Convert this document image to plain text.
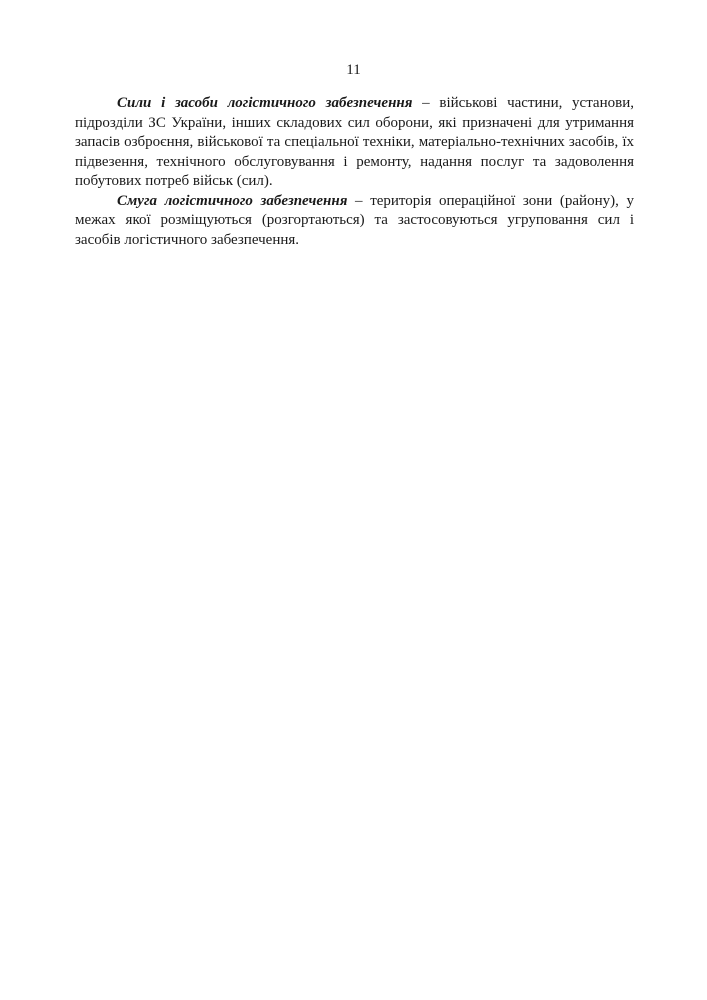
11

Сили і засоби логістичного забезпечення – військові частини, установи, підрозділи ЗС України, інших складових сил оборони, які призначені для утримання запасів озброєння, військової та спеціальної техніки, матеріально-технічних засобів, їх підвезення, технічного обслуговування і ремонту, надання послуг та задоволення побутових потреб військ (сил).

Смуга логістичного забезпечення – територія операційної зони (району), у межах якої розміщуються (розгортаються) та застосовуються угруповання сил і засобів логістичного забезпечення.
